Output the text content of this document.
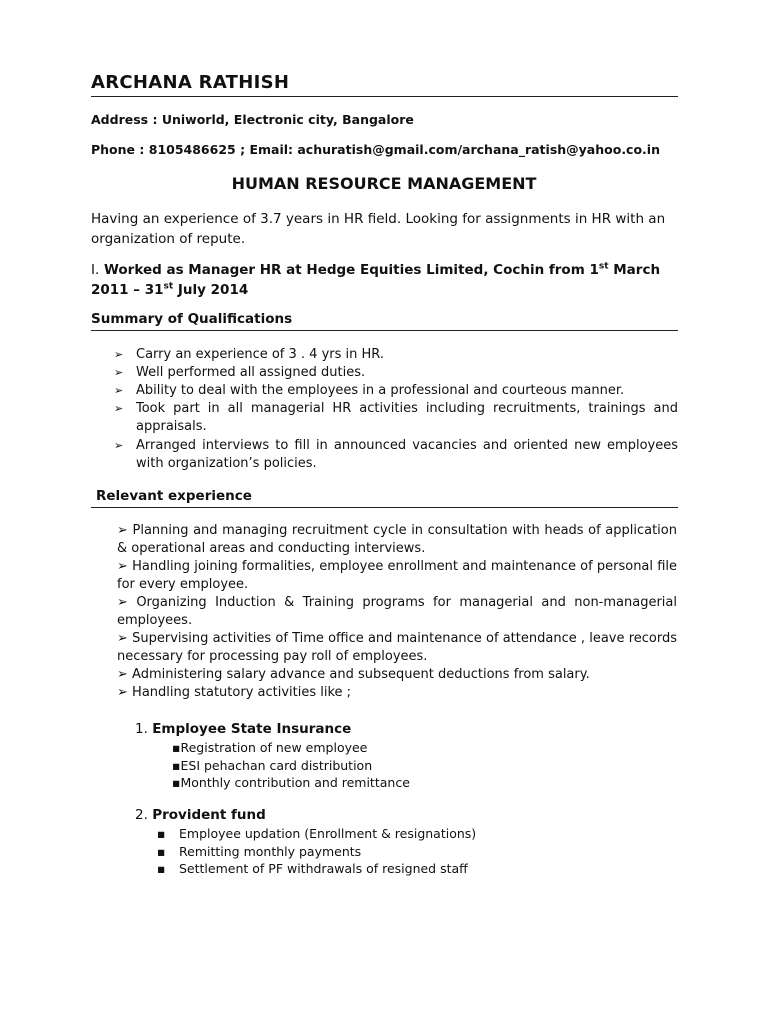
ARCHANA RATHISH
Address : Uniworld, Electronic city, Bangalore
Phone : 8105486625 ; Email: achuratish@gmail.com/archana_ratish@yahoo.co.in
HUMAN RESOURCE MANAGEMENT
Having an experience of 3.7 years in HR field. Looking for assignments in HR with an organization of repute.
I. Worked as Manager HR at Hedge Equities Limited, Cochin from 1st March
2011 – 31st July 2014
Summary of Qualifications
➢ Carry an experience of 3 . 4 yrs in HR.
➢ Well performed all assigned duties.
➢ Ability to deal with the employees in a professional and courteous manner.
➢ Took part in all managerial HR activities including recruitments, trainings and appraisals.
➢ Arranged interviews to fill in announced vacancies and oriented new employees with organization’s policies.
Relevant experience

➢ Planning and managing recruitment cycle in consultation with heads of application & operational areas and conducting interviews.

➢ Handling joining formalities, employee enrollment and maintenance of personal file for every employee.

➢ Organizing Induction & Training programs for managerial and non-managerial employees.

➢ Supervising activities of Time office and maintenance of attendance , leave records necessary for processing pay roll of employees.

➢ Administering salary advance and subsequent deductions from salary.

➢ Handling statutory activities like ;

1. Employee State Insurance
▪Registration of new employee
▪ESI pehachan card distribution
▪Monthly contribution and remittance
2. Provident fund
▪ Employee updation (Enrollment & resignations)
▪ Remitting monthly payments
▪ Settlement of PF withdrawals of resigned staff
